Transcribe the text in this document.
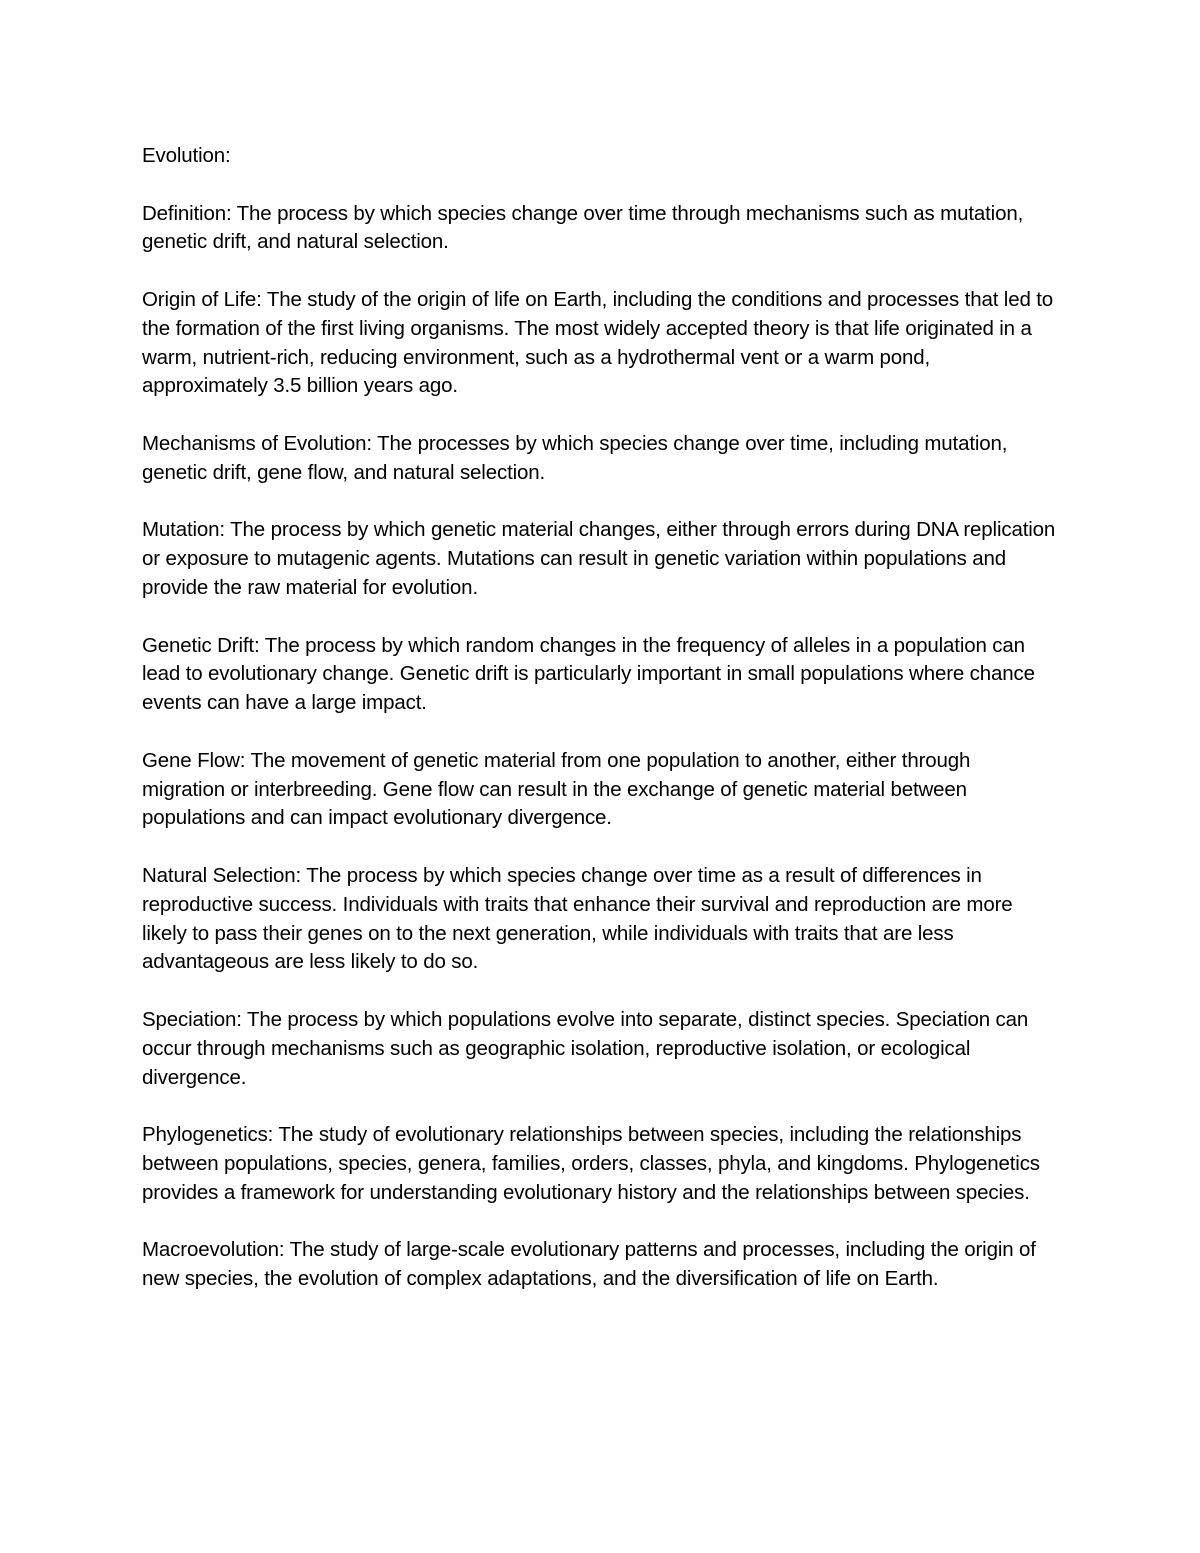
Evolution:

Definition: The process by which species change over time through mechanisms such as mutation, genetic drift, and natural selection.

Origin of Life: The study of the origin of life on Earth, including the conditions and processes that led to the formation of the first living organisms. The most widely accepted theory is that life originated in a warm, nutrient-rich, reducing environment, such as a hydrothermal vent or a warm pond, approximately 3.5 billion years ago.

Mechanisms of Evolution: The processes by which species change over time, including mutation, genetic drift, gene flow, and natural selection.

Mutation: The process by which genetic material changes, either through errors during DNA replication or exposure to mutagenic agents. Mutations can result in genetic variation within populations and provide the raw material for evolution.

Genetic Drift: The process by which random changes in the frequency of alleles in a population can lead to evolutionary change. Genetic drift is particularly important in small populations where chance events can have a large impact.

Gene Flow: The movement of genetic material from one population to another, either through migration or interbreeding. Gene flow can result in the exchange of genetic material between populations and can impact evolutionary divergence.

Natural Selection: The process by which species change over time as a result of differences in reproductive success. Individuals with traits that enhance their survival and reproduction are more likely to pass their genes on to the next generation, while individuals with traits that are less advantageous are less likely to do so.

Speciation: The process by which populations evolve into separate, distinct species. Speciation can occur through mechanisms such as geographic isolation, reproductive isolation, or ecological divergence.

Phylogenetics: The study of evolutionary relationships between species, including the relationships between populations, species, genera, families, orders, classes, phyla, and kingdoms. Phylogenetics provides a framework for understanding evolutionary history and the relationships between species.

Macroevolution: The study of large-scale evolutionary patterns and processes, including the origin of new species, the evolution of complex adaptations, and the diversification of life on Earth.
